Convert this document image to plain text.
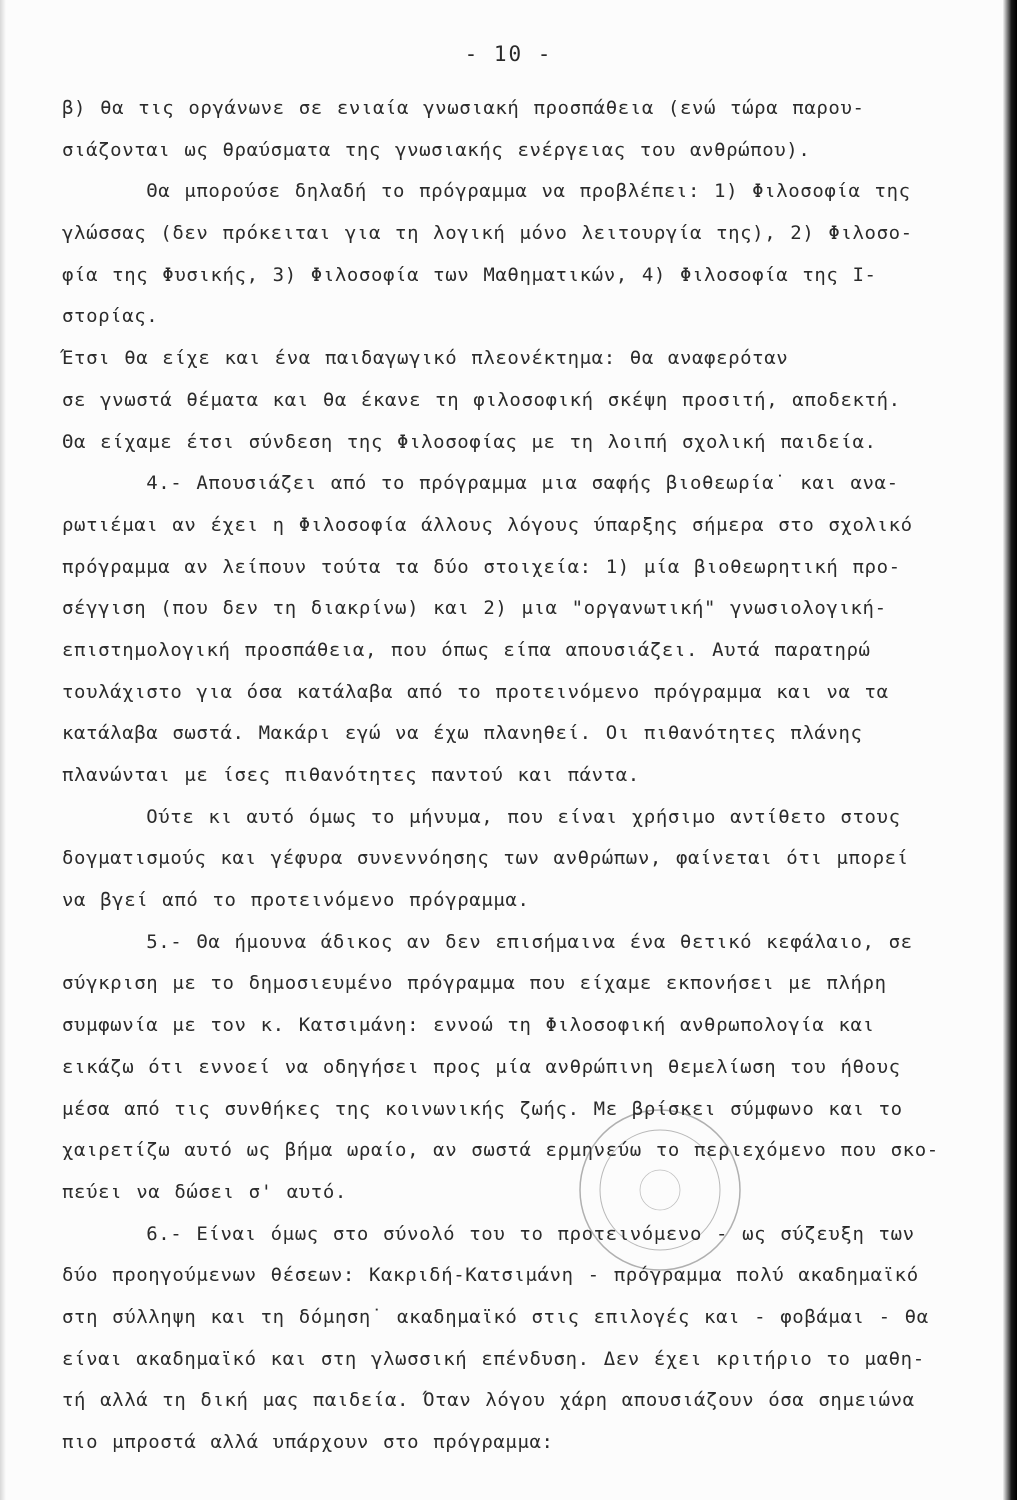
- 10 -
β) θα τις οργάνωνε σε ενιαία γνωσιακή προσπάθεια (ενώ τώρα παρου-
σιάζονται ως θραύσματα της γνωσιακής ενέργειας του ανθρώπου).
Θα μπορούσε δηλαδή το πρόγραμμα να προβλέπει: 1) Φιλοσοφία της
γλώσσας (δεν πρόκειται για τη λογική μόνο λειτουργία της), 2) Φιλοσο-
φία της Φυσικής, 3) Φιλοσοφία των Μαθηματικών, 4) Φιλοσοφία της Ι-
στορίας.
Έτσι θα είχε και ένα παιδαγωγικό πλεονέκτημα: θα αναφερόταν
σε γνωστά θέματα και θα έκανε τη φιλοσοφική σκέψη προσιτή, αποδεκτή.
Θα είχαμε έτσι σύνδεση της Φιλοσοφίας με τη λοιπή σχολική παιδεία.
4.- Απουσιάζει από το πρόγραμμα μια σαφής βιοθεωρία˙ και ανα-
ρωτιέμαι αν έχει η Φιλοσοφία άλλους λόγους ύπαρξης σήμερα στο σχολικό
πρόγραμμα αν λείπουν τούτα τα δύο στοιχεία: 1) μία βιοθεωρητική προ-
σέγγιση (που δεν τη διακρίνω) και 2) μια "οργανωτική" γνωσιολογική-
επιστημολογική προσπάθεια, που όπως είπα απουσιάζει. Αυτά παρατηρώ
τουλάχιστο για όσα κατάλαβα από το προτεινόμενο πρόγραμμα και να τα
κατάλαβα σωστά. Μακάρι εγώ να έχω πλανηθεί. Οι πιθανότητες πλάνης
πλανώνται με ίσες πιθανότητες παντού και πάντα.
Ούτε κι αυτό όμως το μήνυμα, που είναι χρήσιμο αντίθετο στους
δογματισμούς και γέφυρα συνεννόησης των ανθρώπων, φαίνεται ότι μπορεί
να βγεί από το προτεινόμενο πρόγραμμα.
5.- Θα ήμουνα άδικος αν δεν επισήμαινα ένα θετικό κεφάλαιο, σε
σύγκριση με το δημοσιευμένο πρόγραμμα που είχαμε εκπονήσει με πλήρη
συμφωνία με τον κ. Κατσιμάνη: εννοώ τη Φιλοσοφική ανθρωπολογία και
εικάζω ότι εννοεί να οδηγήσει προς μία ανθρώπινη θεμελίωση του ήθους
μέσα από τις συνθήκες της κοινωνικής ζωής. Με βρίσκει σύμφωνο και το
χαιρετίζω αυτό ως βήμα ωραίο, αν σωστά ερμηνεύω το περιεχόμενο που σκο-
πεύει να δώσει σ' αυτό.
6.- Είναι όμως στο σύνολό του το προτεινόμενο - ως σύζευξη των
δύο προηγούμενων θέσεων: Κακριδή-Κατσιμάνη - πρόγραμμα πολύ ακαδημαϊκό
στη σύλληψη και τη δόμηση˙ ακαδημαϊκό στις επιλογές και - φοβάμαι - θα
είναι ακαδημαϊκό και στη γλωσσική επένδυση. Δεν έχει κριτήριο το μαθη-
τή αλλά τη δική μας παιδεία. Όταν λόγου χάρη απουσιάζουν όσα σημειώνα
πιο μπροστά αλλά υπάρχουν στο πρόγραμμα:
